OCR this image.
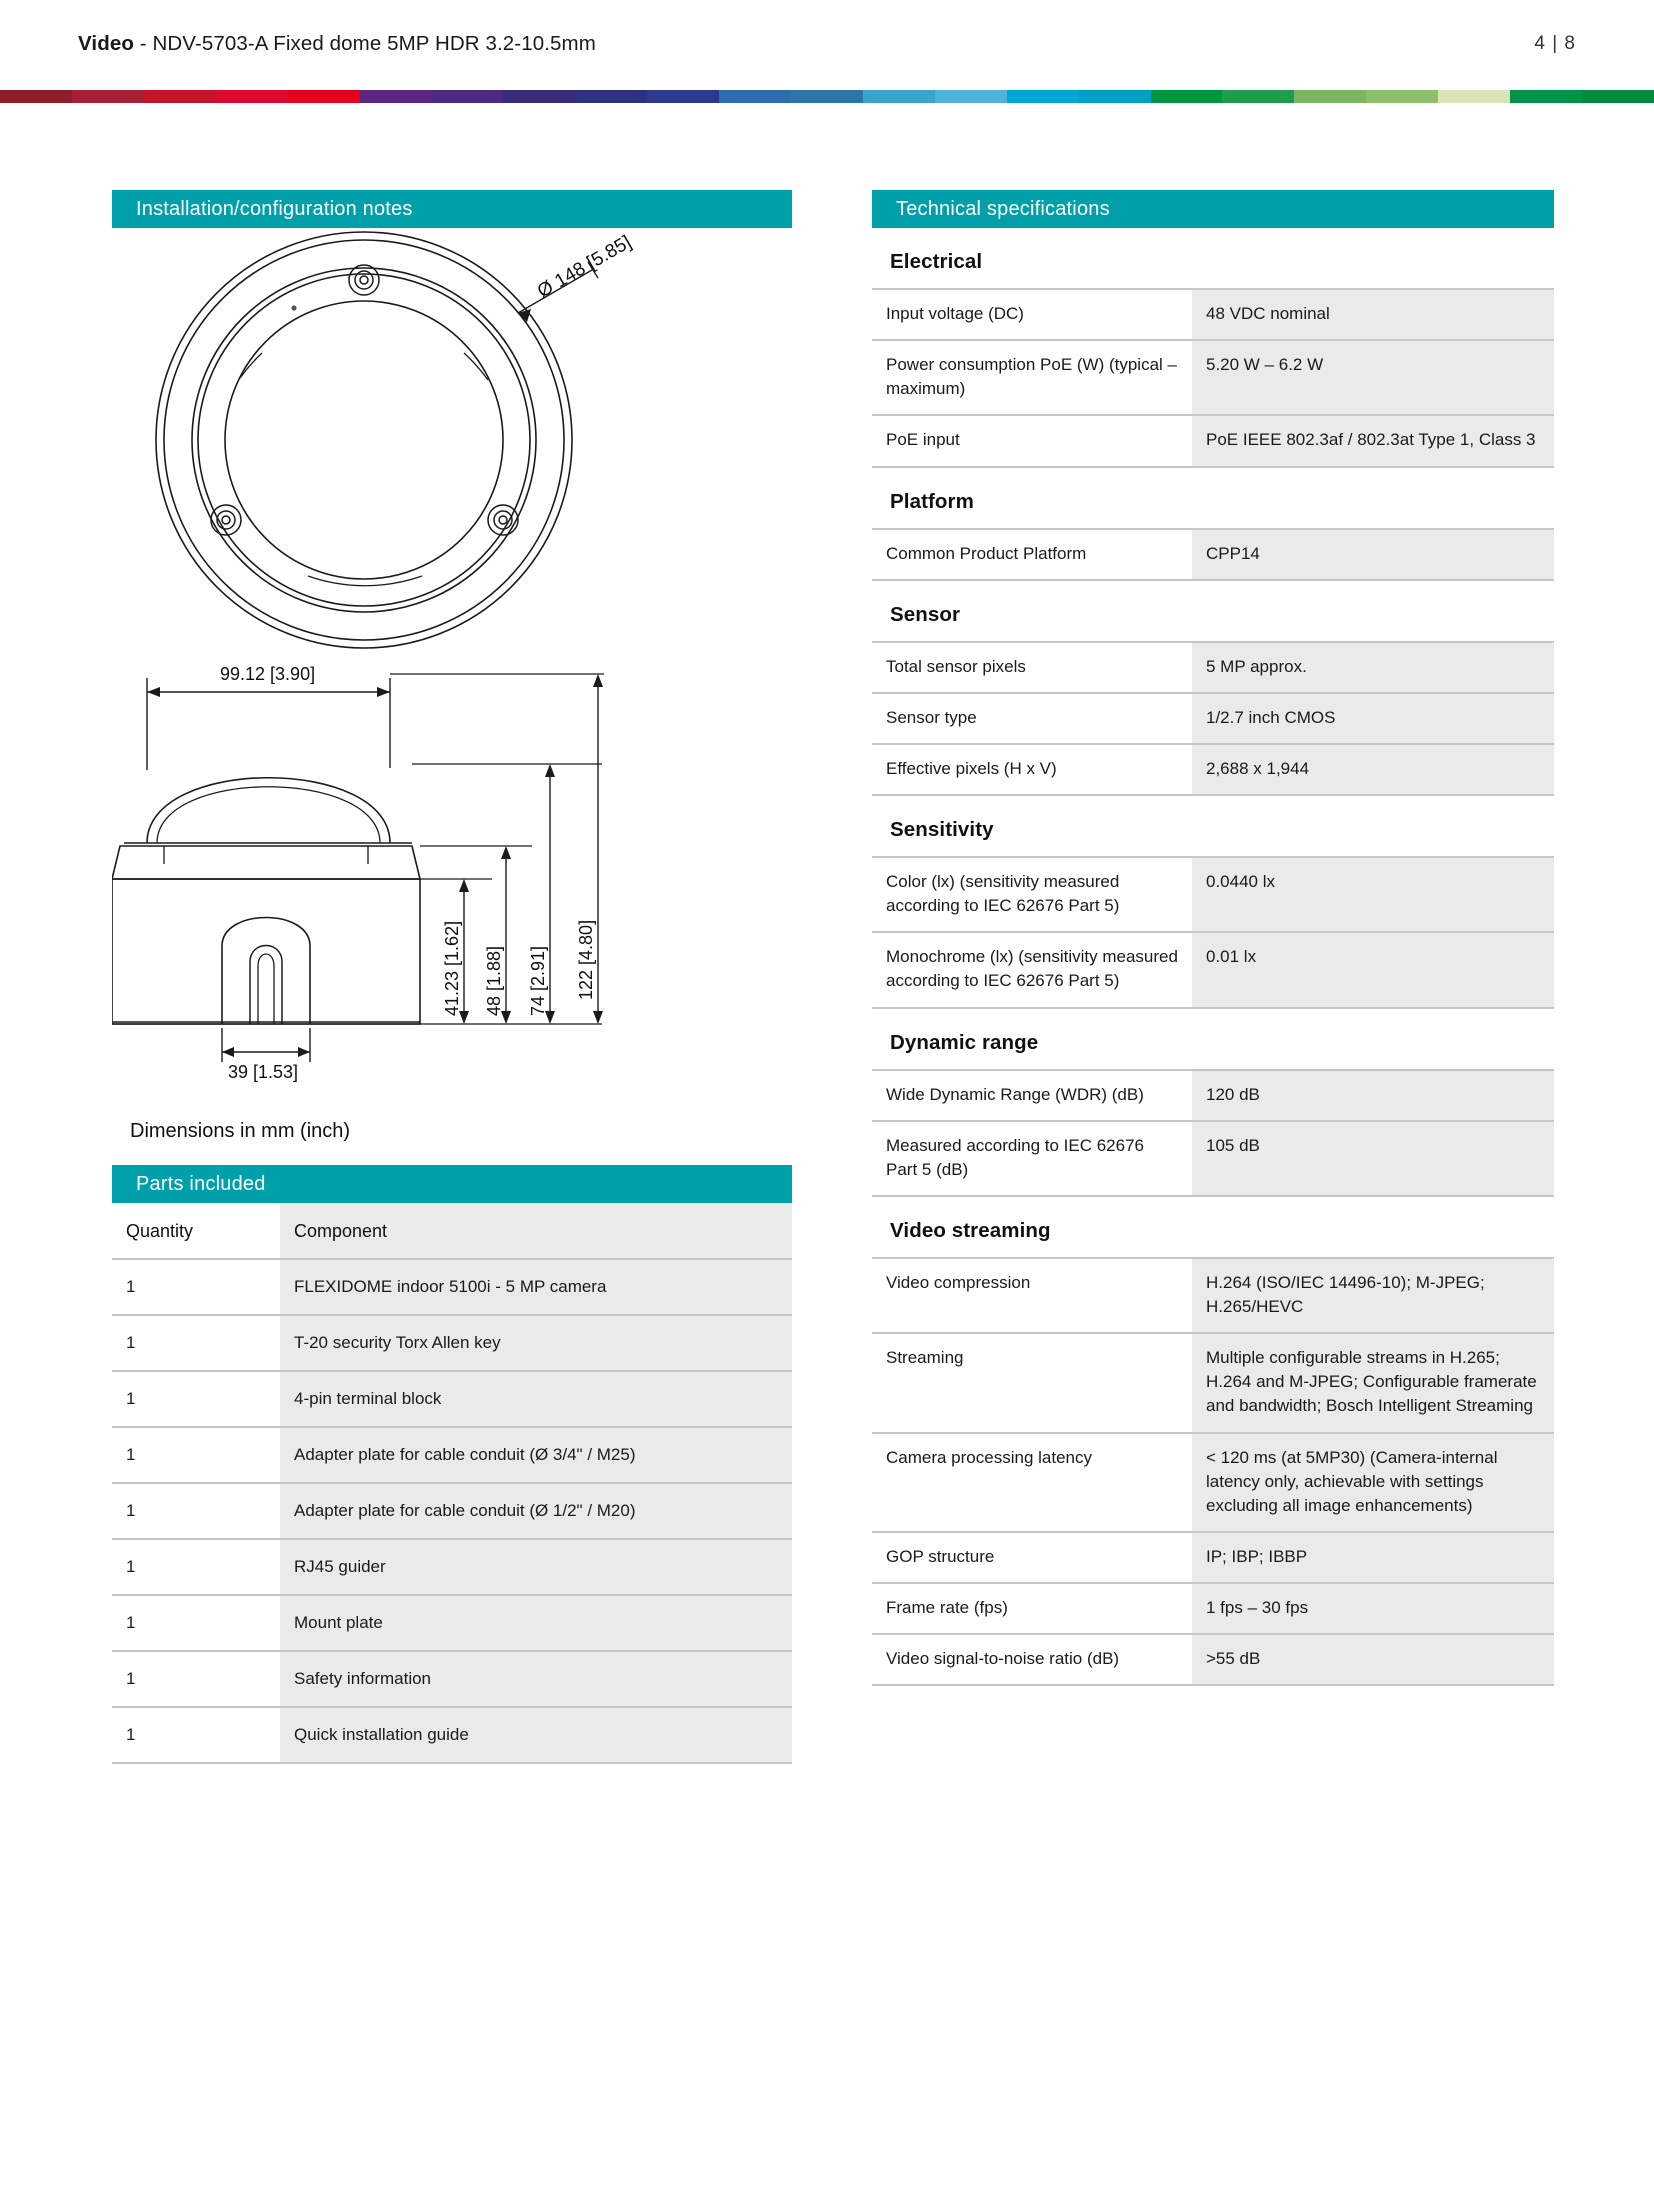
Video - NDV-5703-A Fixed dome 5MP HDR 3.2-10.5mm	4 | 8
Installation/configuration notes
Ø 148 [5.85]
99.12 [3.90]
39 [1.53]
41.23 [1.62] 48 [1.88] 74 [2.91] 122 [4.80]
Dimensions in mm (inch)
Parts included
Quantity	Component
1	FLEXIDOME indoor 5100i - 5 MP camera
1	T-20 security Torx Allen key
1	4-pin terminal block
1	Adapter plate for cable conduit (Ø 3/4" / M25)
1	Adapter plate for cable conduit (Ø 1/2" / M20)
1	RJ45 guider
1	Mount plate
1	Safety information
1	Quick installation guide
Technical specifications
Electrical
Input voltage (DC)	48 VDC nominal
Power consumption PoE (W) (typical – maximum)	5.20 W – 6.2 W
PoE input	PoE IEEE 802.3af / 802.3at Type 1, Class 3
Platform
Common Product Platform	CPP14
Sensor
Total sensor pixels	5 MP approx.
Sensor type	1/2.7 inch CMOS
Effective pixels (H x V)	2,688 x 1,944
Sensitivity
Color (lx) (sensitivity measured according to IEC 62676 Part 5)	0.0440 lx
Monochrome (lx) (sensitivity measured according to IEC 62676 Part 5)	0.01 lx
Dynamic range
Wide Dynamic Range (WDR) (dB)	120 dB
Measured according to IEC 62676 Part 5 (dB)	105 dB
Video streaming
Video compression	H.264 (ISO/IEC 14496-10); M-JPEG; H.265/HEVC
Streaming	Multiple configurable streams in H.265; H.264 and M-JPEG; Configurable framerate and bandwidth; Bosch Intelligent Streaming
Camera processing latency	< 120 ms (at 5MP30) (Camera-internal latency only, achievable with settings excluding all image enhancements)
GOP structure	IP; IBP; IBBP
Frame rate (fps)	1 fps – 30 fps
Video signal-to-noise ratio (dB)	>55 dB
